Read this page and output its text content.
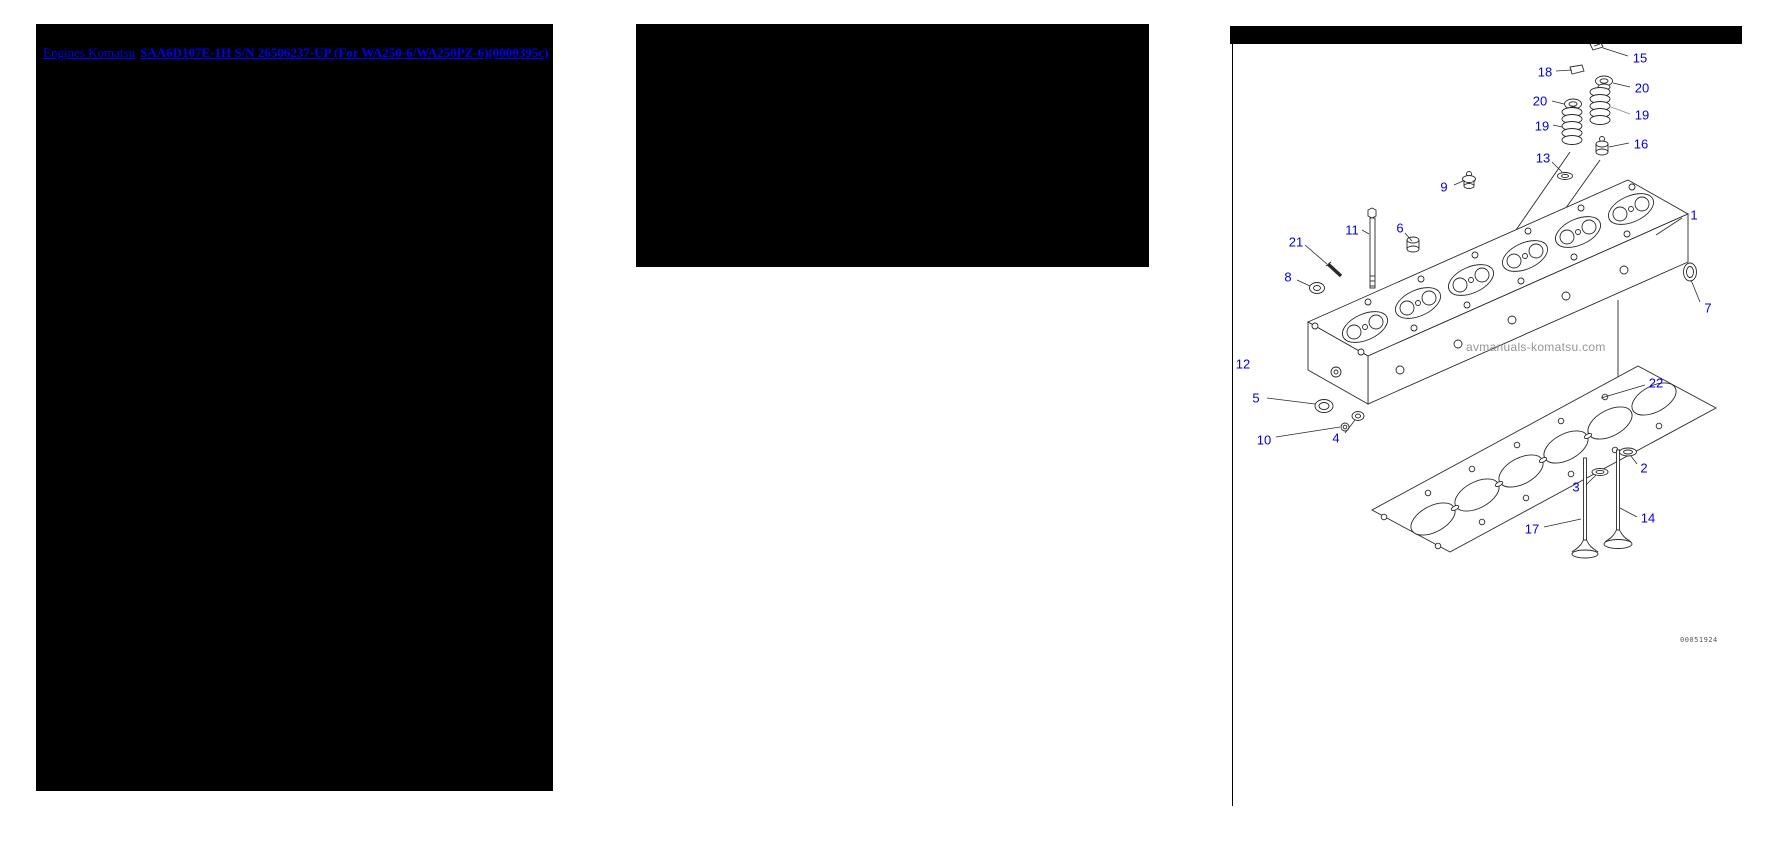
Engines Komatsu SAA6D107E-1H S/N 26506237-UP (For WA250-6/WA250PZ-6)(0000395c)
avmanuals-komatsu.com
00051924
15
18
20
20
19
19
16
13
9
1
6
11
21
8
7
12
22
5
10	4
2
3
14
17
